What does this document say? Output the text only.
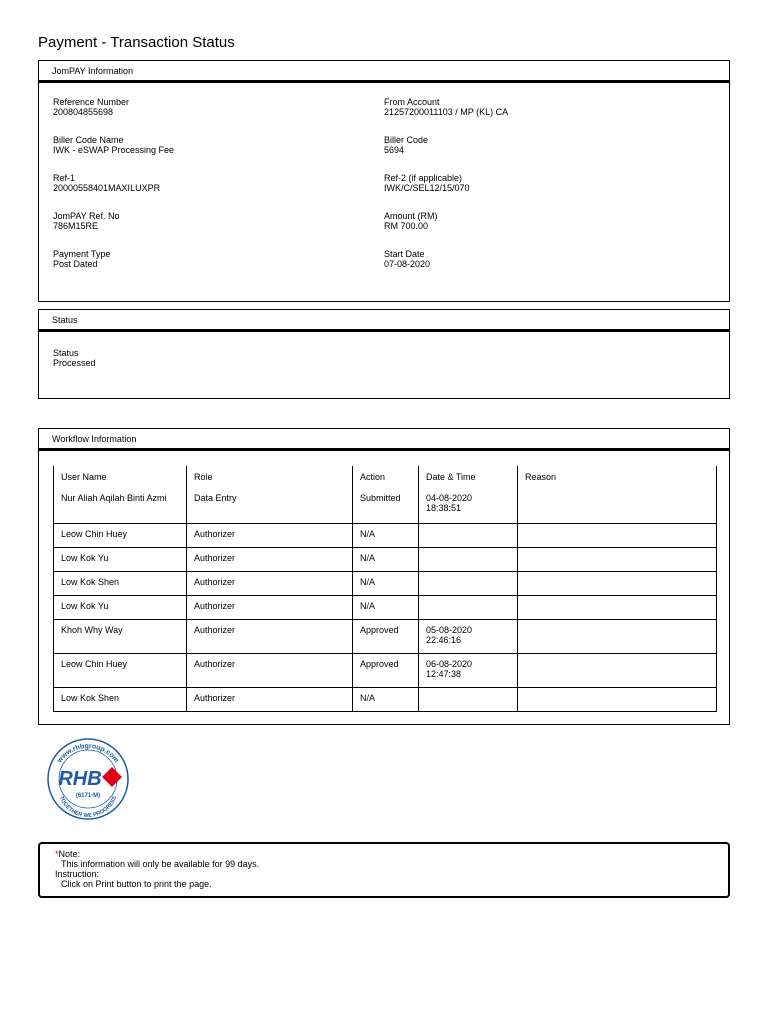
Payment - Transaction Status
JomPAY Information
Reference Number
200804855698
From Account
21257200011103 / MP (KL) CA
Biller Code Name
IWK - eSWAP Processing Fee
Biller Code
5694
Ref-1
20000558401MAXILUXPR
Ref-2 (if applicable)
IWK/C/SEL12/15/070
JomPAY Ref. No
786M15RE
Amount (RM)
RM 700.00
Payment Type
Post Dated
Start Date
07-08-2020
Status
Status
Processed
Workflow Information
User Name	Role	Action	Date & Time	Reason
Nur Aliah Aqilah Binti Azmi	Data Entry	Submitted	04-08-2020
18:38:51	

Leow Chin Huey	Authorizer	N/A	

Low Kok Yu	Authorizer	N/A	

Low Kok Shen	Authorizer	N/A	

Low Kok Yu	Authorizer	N/A	

Khoh Why Way	Authorizer	Approved	05-08-2020
22:46:16	

Leow Chin Huey	Authorizer	Approved	06-08-2020
12:47:38	

Low Kok Shen	Authorizer	N/A	

www.rhbgroup.com
TOGETHER WE PROGRESS
RHB
(6171-M)
*Note:
This information will only be available for 99 days.
Instruction:
Click on Print button to print the page.
